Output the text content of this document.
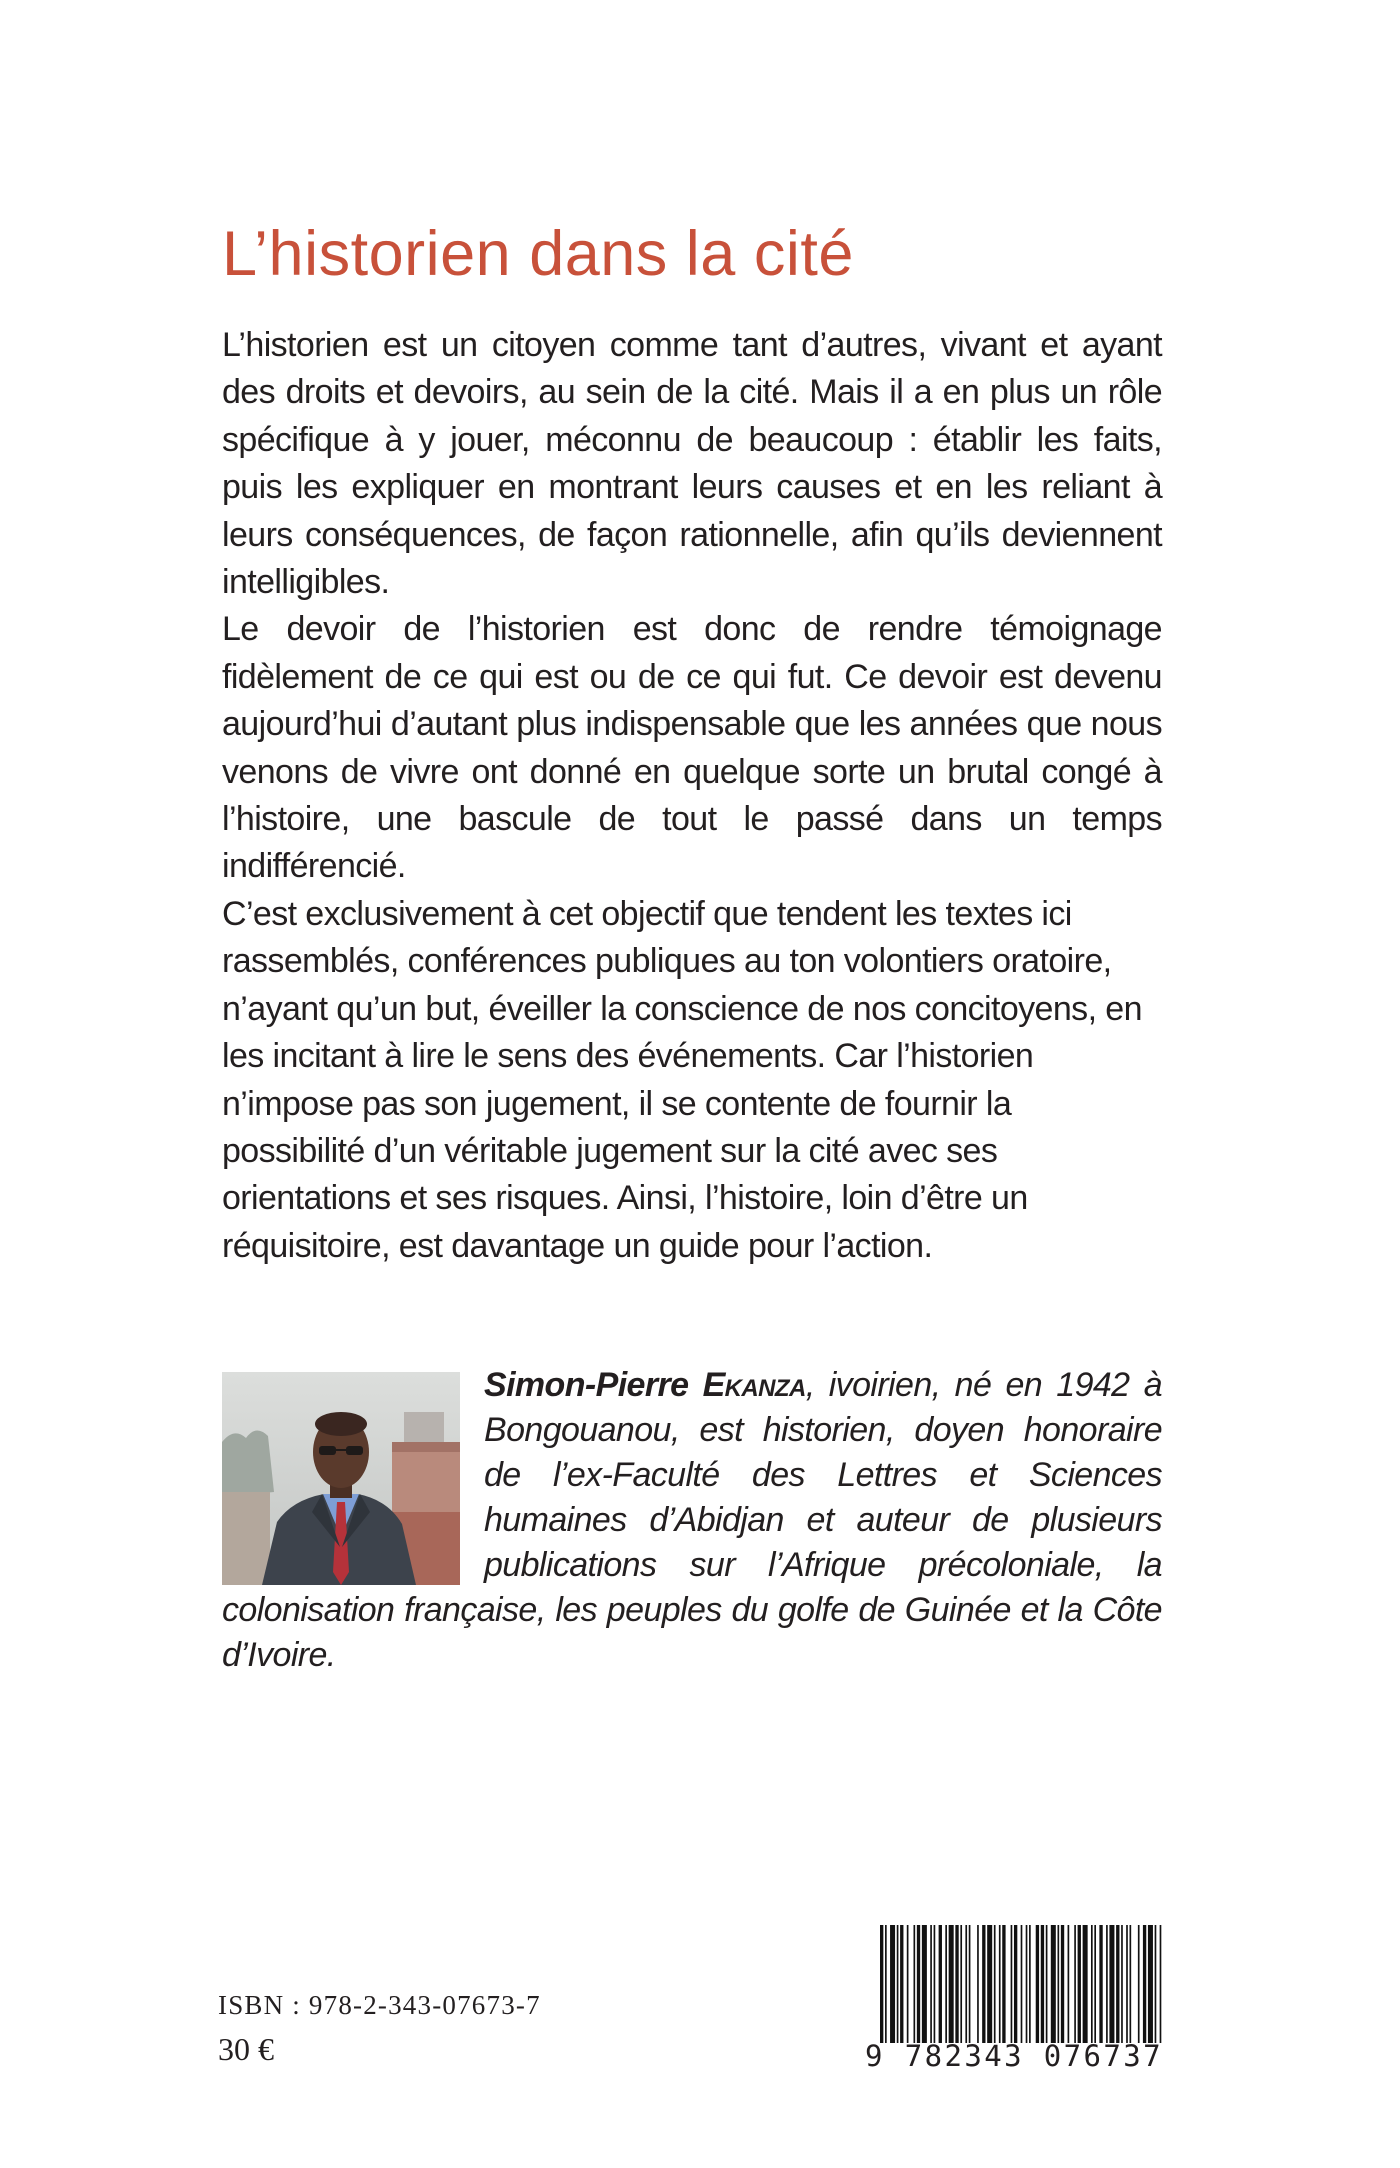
L’historien dans la cité

L’historien est un citoyen comme tant d’autres, vivant et ayant des droits et devoirs, au sein de la cité. Mais il a en plus un rôle spécifique à y jouer, méconnu de beaucoup : établir les faits, puis les expliquer en montrant leurs causes et en les reliant à leurs conséquences, de façon rationnelle, afin qu’ils deviennent intelligibles.

Le devoir de l’historien est donc de rendre témoignage fidèlement de ce qui est ou de ce qui fut. Ce devoir est devenu aujourd’hui d’autant plus indispensable que les années que nous venons de vivre ont donné en quelque sorte un brutal congé à l’histoire, une bascule de tout le passé dans un temps indifférencié.

C’est exclusivement à cet objectif que tendent les textes ici rassemblés, conférences publiques au ton volontiers oratoire, n’ayant qu’un but, éveiller la conscience de nos concitoyens, en les incitant à lire le sens des événements. Car l’historien n’impose pas son jugement, il se contente de fournir la possibilité d’un véritable jugement sur la cité avec ses orientations et ses risques. Ainsi, l’histoire, loin d’être un réquisitoire, est davantage un guide pour l’action.

Simon-Pierre Ekanza, ivoirien, né en 1942 à Bongouanou, est historien, doyen honoraire de l’ex-Faculté des Lettres et Sciences humaines d’Abidjan et auteur de plusieurs publications sur l’Afrique précoloniale, la colonisation française, les peuples du golfe de Guinée et la Côte d’Ivoire.

ISBN : 978-2-343-07673-7
30 €	9 782343 076737
